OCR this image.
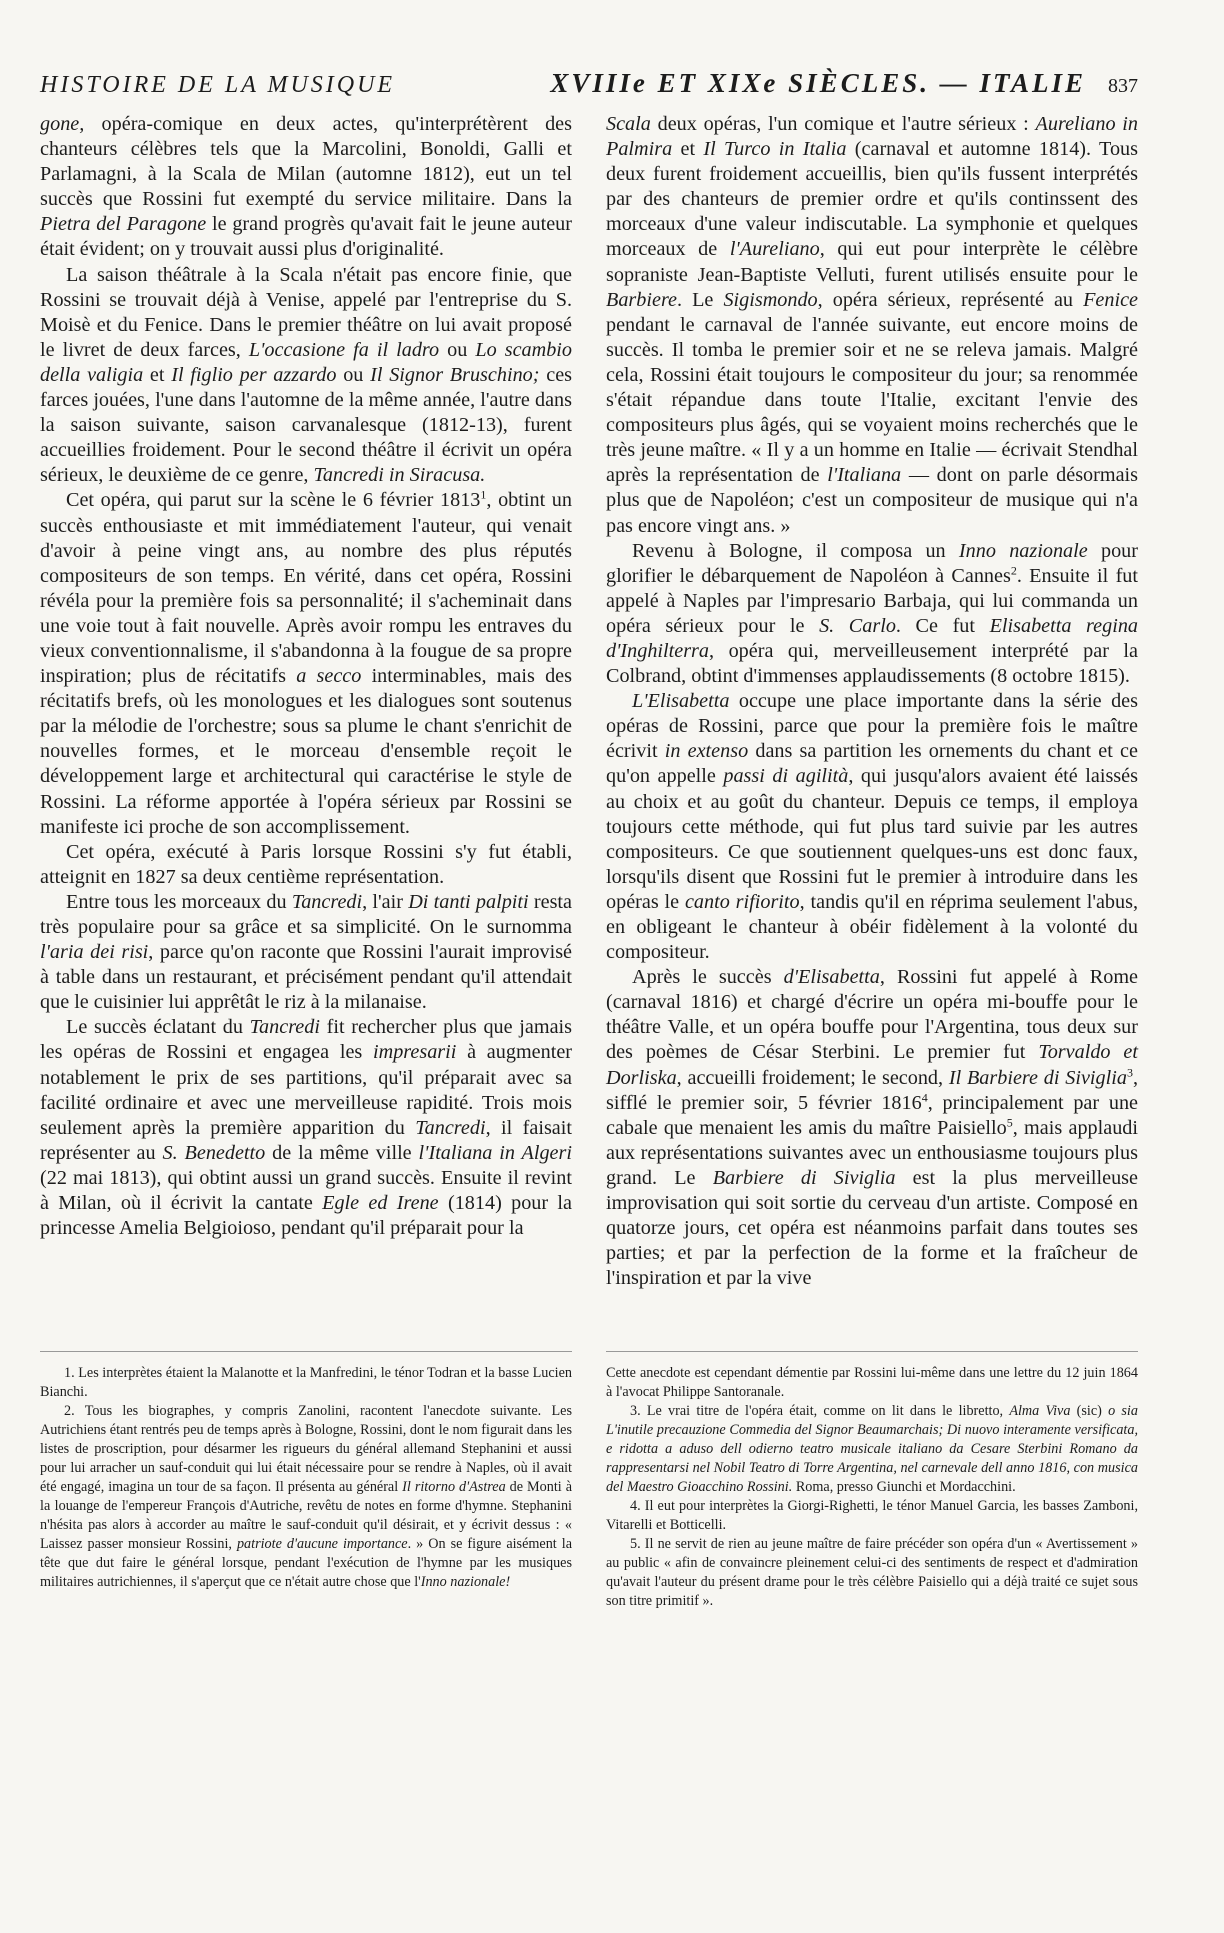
HISTOIRE DE LA MUSIQUE	XVIIIe ET XIXe SIÈCLES. — ITALIE 837

gone, opéra-comique en deux actes, qu'interprétèrent des chanteurs célèbres tels que la Marcolini, Bonoldi, Galli et Parlamagni, à la Scala de Milan (automne 1812), eut un tel succès que Rossini fut exempté du service militaire. Dans la Pietra del Paragone le grand progrès qu'avait fait le jeune auteur était évident; on y trouvait aussi plus d'originalité.

La saison théâtrale à la Scala n'était pas encore finie, que Rossini se trouvait déjà à Venise, appelé par l'entreprise du S. Moisè et du Fenice. Dans le premier théâtre on lui avait proposé le livret de deux farces, L'occasione fa il ladro ou Lo scambio della valigia et Il figlio per azzardo ou Il Signor Bruschino; ces farces jouées, l'une dans l'automne de la même année, l'autre dans la saison suivante, saison carvanalesque (1812-13), furent accueillies froidement. Pour le second théâtre il écrivit un opéra sérieux, le deuxième de ce genre, Tancredi in Siracusa.

Cet opéra, qui parut sur la scène le 6 février 1813$^1$, obtint un succès enthousiaste et mit immédiatement l'auteur, qui venait d'avoir à peine vingt ans, au nombre des plus réputés compositeurs de son temps. En vérité, dans cet opéra, Rossini révéla pour la première fois sa personnalité; il s'acheminait dans une voie tout à fait nouvelle. Après avoir rompu les entraves du vieux conventionnalisme, il s'abandonna à la fougue de sa propre inspiration; plus de récitatifs a secco interminables, mais des récitatifs brefs, où les monologues et les dialogues sont soutenus par la mélodie de l'orchestre; sous sa plume le chant s'enrichit de nouvelles formes, et le morceau d'ensemble reçoit le développement large et architectural qui caractérise le style de Rossini. La réforme apportée à l'opéra sérieux par Rossini se manifeste ici proche de son accomplissement.

Cet opéra, exécuté à Paris lorsque Rossini s'y fut établi, atteignit en 1827 sa deux centième représentation.

Entre tous les morceaux du Tancredi, l'air Di tanti palpiti resta très populaire pour sa grâce et sa simplicité. On le surnomma l'aria dei risi, parce qu'on raconte que Rossini l'aurait improvisé à table dans un restaurant, et précisément pendant qu'il attendait que le cuisinier lui apprêtât le riz à la milanaise.

Le succès éclatant du Tancredi fit rechercher plus que jamais les opéras de Rossini et engagea les impresarii à augmenter notablement le prix de ses partitions, qu'il préparait avec sa facilité ordinaire et avec une merveilleuse rapidité. Trois mois seulement après la première apparition du Tancredi, il faisait représenter au S. Benedetto de la même ville l'Italiana in Algeri (22 mai 1813), qui obtint aussi un grand succès. Ensuite il revint à Milan, où il écrivit la cantate Egle ed Irene (1814) pour la princesse Amelia Belgioioso, pendant qu'il préparait pour la

Scala deux opéras, l'un comique et l'autre sérieux : Aureliano in Palmira et Il Turco in Italia (carnaval et automne 1814). Tous deux furent froidement accueillis, bien qu'ils fussent interprétés par des chanteurs de premier ordre et qu'ils continssent des morceaux d'une valeur indiscutable. La symphonie et quelques morceaux de l'Aureliano, qui eut pour interprète le célèbre sopraniste Jean-Baptiste Velluti, furent utilisés ensuite pour le Barbiere. Le Sigismondo, opéra sérieux, représenté au Fenice pendant le carnaval de l'année suivante, eut encore moins de succès. Il tomba le premier soir et ne se releva jamais. Malgré cela, Rossini était toujours le compositeur du jour; sa renommée s'était répandue dans toute l'Italie, excitant l'envie des compositeurs plus âgés, qui se voyaient moins recherchés que le très jeune maître. « Il y a un homme en Italie — écrivait Stendhal après la représentation de l'Italiana — dont on parle désormais plus que de Napoléon; c'est un compositeur de musique qui n'a pas encore vingt ans. »

Revenu à Bologne, il composa un Inno nazionale pour glorifier le débarquement de Napoléon à Cannes$^2$. Ensuite il fut appelé à Naples par l'impresario Barbaja, qui lui commanda un opéra sérieux pour le S. Carlo. Ce fut Elisabetta regina d'Inghilterra, opéra qui, merveilleusement interprété par la Colbrand, obtint d'immenses applaudissements (8 octobre 1815).

L'Elisabetta occupe une place importante dans la série des opéras de Rossini, parce que pour la première fois le maître écrivit in extenso dans sa partition les ornements du chant et ce qu'on appelle passi di agilità, qui jusqu'alors avaient été laissés au choix et au goût du chanteur. Depuis ce temps, il employa toujours cette méthode, qui fut plus tard suivie par les autres compositeurs. Ce que soutiennent quelques-uns est donc faux, lorsqu'ils disent que Rossini fut le premier à introduire dans les opéras le canto rifiorito, tandis qu'il en réprima seulement l'abus, en obligeant le chanteur à obéir fidèlement à la volonté du compositeur.

Après le succès d'Elisabetta, Rossini fut appelé à Rome (carnaval 1816) et chargé d'écrire un opéra mi-bouffe pour le théâtre Valle, et un opéra bouffe pour l'Argentina, tous deux sur des poèmes de César Sterbini. Le premier fut Torvaldo et Dorliska, accueilli froidement; le second, Il Barbiere di Siviglia$^3$, sifflé le premier soir, 5 février 1816$^4$, principalement par une cabale que menaient les amis du maître Paisiello$^5$, mais applaudi aux représentations suivantes avec un enthousiasme toujours plus grand. Le Barbiere di Siviglia est la plus merveilleuse improvisation qui soit sortie du cerveau d'un artiste. Composé en quatorze jours, cet opéra est néanmoins parfait dans toutes ses parties; et par la perfection de la forme et la fraîcheur de l'inspiration et par la vive

1. Les interprètes étaient la Malanotte et la Manfredini, le ténor Todran et la basse Lucien Bianchi.

2. Tous les biographes, y compris Zanolini, racontent l'anecdote suivante. Les Autrichiens étant rentrés peu de temps après à Bologne, Rossini, dont le nom figurait dans les listes de proscription, pour désarmer les rigueurs du général allemand Stephanini et aussi pour lui arracher un sauf-conduit qui lui était nécessaire pour se rendre à Naples, où il avait été engagé, imagina un tour de sa façon. Il présenta au général Il ritorno d'Astrea de Monti à la louange de l'empereur François d'Autriche, revêtu de notes en forme d'hymne. Stephanini n'hésita pas alors à accorder au maître le sauf-conduit qu'il désirait, et y écrivit dessus : « Laissez passer monsieur Rossini, patriote d'aucune importance. » On se figure aisément la tête que dut faire le général lorsque, pendant l'exécution de l'hymne par les musiques militaires autrichiennes, il s'aperçut que ce n'était autre chose que l'Inno nazionale!

Cette anecdote est cependant démentie par Rossini lui-même dans une lettre du 12 juin 1864 à l'avocat Philippe Santoranale.

3. Le vrai titre de l'opéra était, comme on lit dans le libretto, Alma Viva (sic) o sia L'inutile precauzione Commedia del Signor Beaumarchais; Di nuovo interamente versificata, e ridotta a aduso dell odierno teatro musicale italiano da Cesare Sterbini Romano da rappresentarsi nel Nobil Teatro di Torre Argentina, nel carnevale dell anno 1816, con musica del Maestro Gioacchino Rossini. Roma, presso Giunchi et Mordacchini.

4. Il eut pour interprètes la Giorgi-Righetti, le ténor Manuel Garcia, les basses Zamboni, Vitarelli et Botticelli.

5. Il ne servit de rien au jeune maître de faire précéder son opéra d'un « Avertissement » au public « afin de convaincre pleinement celui-ci des sentiments de respect et d'admiration qu'avait l'auteur du présent drame pour le très célèbre Paisiello qui a déjà traité ce sujet sous son titre primitif ».
